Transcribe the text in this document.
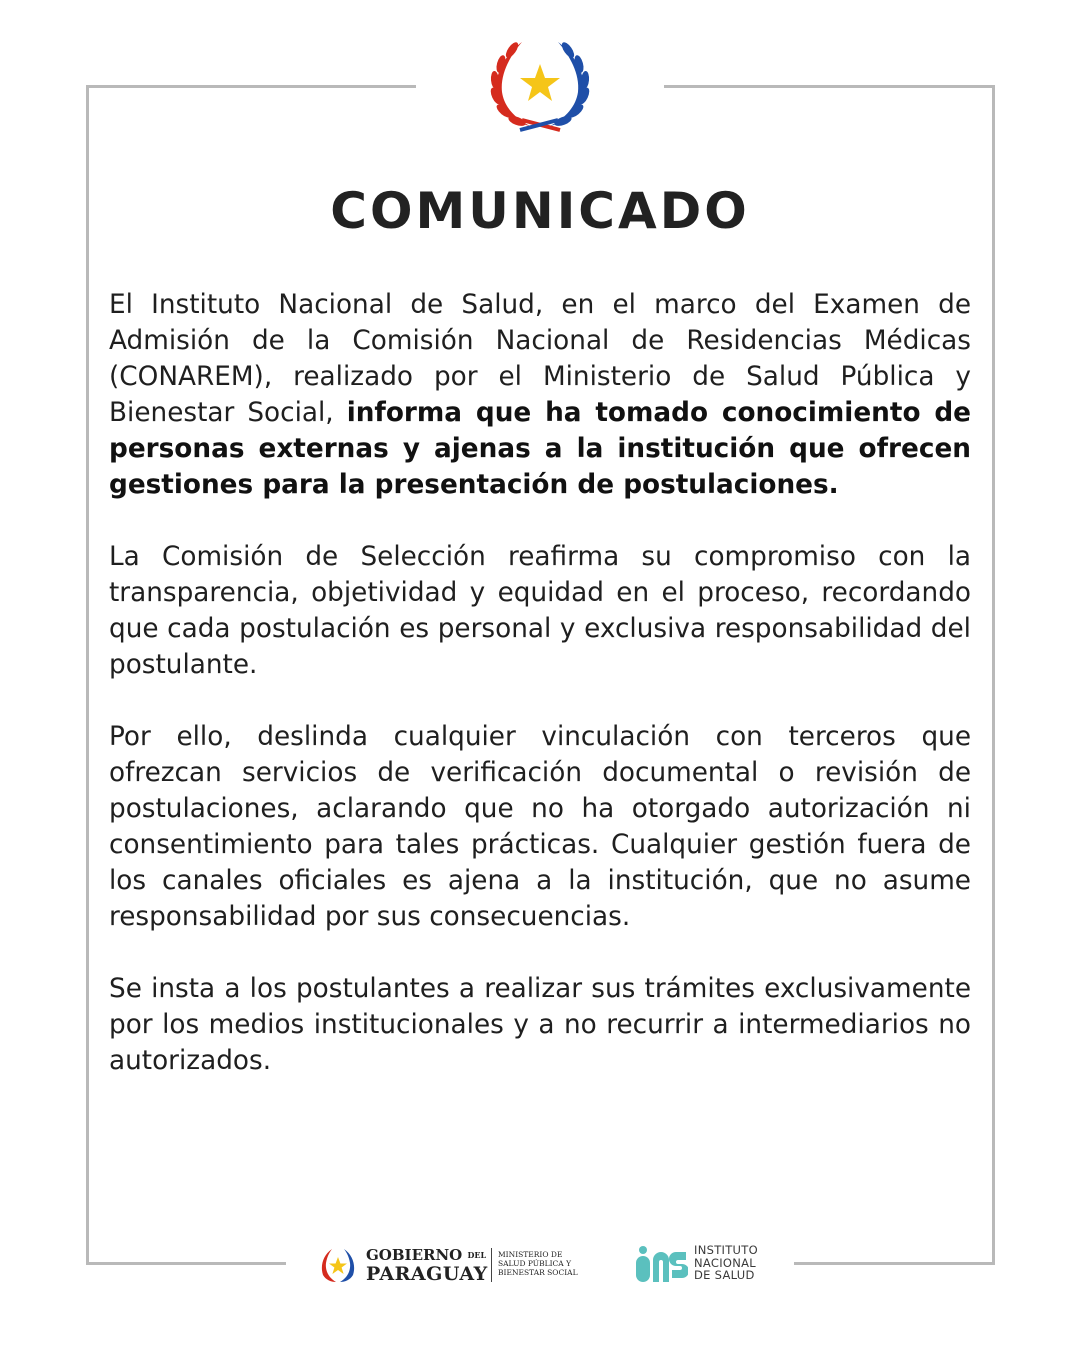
COMUNICADO

El Instituto Nacional de Salud, en el marco del Examen de Admisión de la Comisión Nacional de Residencias Médicas (CONAREM), realizado por el Ministerio de Salud Pública y Bienestar Social, informa que ha tomado conocimiento de personas externas y ajenas a la institución que ofrecen gestiones para la presentación de postulaciones.

La Comisión de Selección reafirma su compromiso con la transparencia, objetividad y equidad en el proceso, recordando que cada postulación es personal y exclusiva responsabilidad del postulante.

Por ello, deslinda cualquier vinculación con terceros que ofrezcan servicios de verificación documental o revisión de postulaciones, aclarando que no ha otorgado autorización ni consentimiento para tales prácticas. Cualquier gestión fuera de los canales oficiales es ajena a la institución, que no asume responsabilidad por sus consecuencias.

Se insta a los postulantes a realizar sus trámites exclusivamente por los medios institucionales y a no recurrir a intermediarios no autorizados.

GOBIERNO DEL
PARAGUAY
MINISTERIO DE
SALUD PÚBLICA Y
BIENESTAR SOCIAL
INSTITUTO
NACIONAL
DE SALUD
